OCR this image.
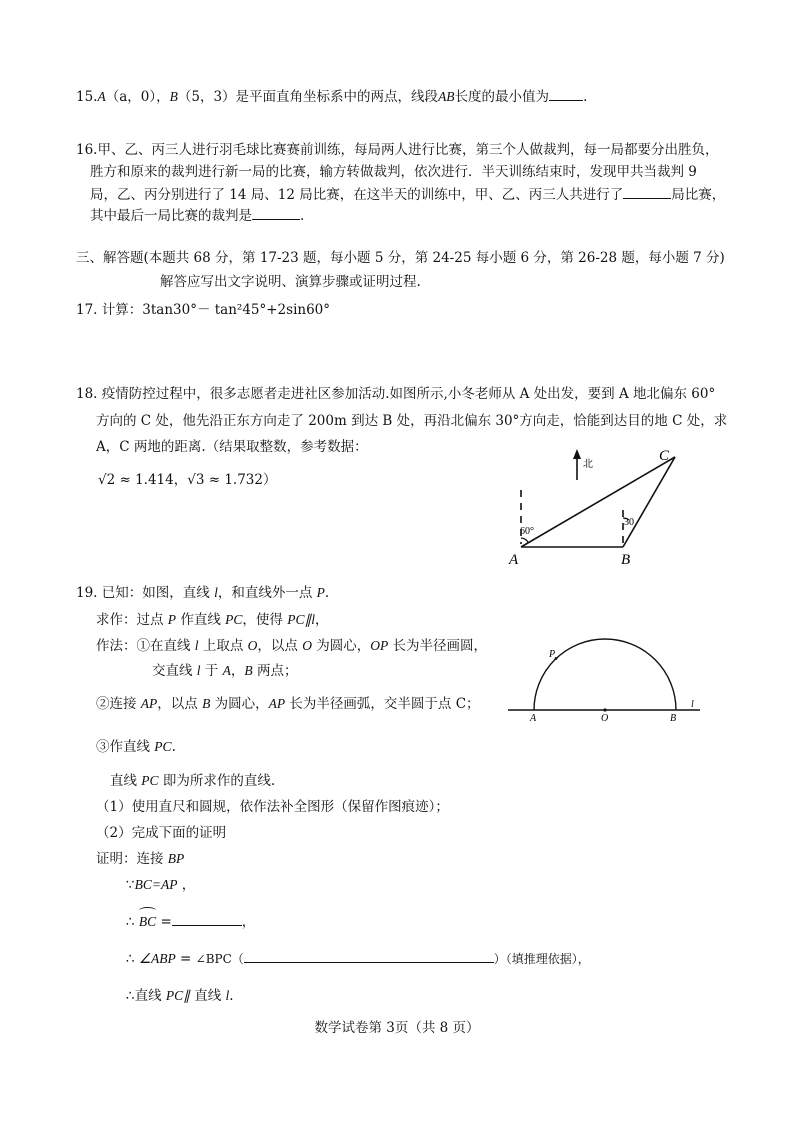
15.A（a，0），B（5，3）是平面直角坐标系中的两点，线段AB长度的最小值为	.
16.甲、乙、丙三人进行羽毛球比赛赛前训练，每局两人进行比赛，第三个人做裁判，每一局都要分出胜负，
胜方和原来的裁判进行新一局的比赛，输方转做裁判，依次进行．半天训练结束时，发现甲共当裁判 9
局，乙、丙分别进行了 14 局、12 局比赛，在这半天的训练中，甲、乙、丙三人共进行了	局比赛，
其中最后一局比赛的裁判是	.
三、解答题(本题共 68 分，第 17-23 题，每小题 5 分，第 24-25 每小题 6 分，第 26-28 题，每小题 7 分)
解答应写出文字说明、演算步骤或证明过程.
17. 计算：3tan30°－ tan²45°+2sin60°
18. 疫情防控过程中，很多志愿者走进社区参加活动.如图所示,小冬老师从 A 处出发，要到 A 地北偏东 60°
方向的 C 处，他先沿正东方向走了 200m 到达 B 处，再沿北偏东 30°方向走，恰能到达目的地 C 处，求
A，C 两地的距离.（结果取整数，参考数据：
√2 ≈ 1.414，√3 ≈ 1.732）
北
60°
30
A	B
C
19. 已知：如图，直线 l，和直线外一点 P.
求作：过点 P 作直线 PC，使得 PC∥l，
作法：①在直线 l 上取点 O，以点 O 为圆心，OP 长为半径画圆，
交直线 l 于 A，B 两点；
②连接 AP，以点 B 为圆心，AP 长为半径画弧，交半圆于点 C；
③作直线 PC.
P
A	O	B
l
直线 PC 即为所求作的直线.
（1）使用直尺和圆规，依作法补全图形（保留作图痕迹）；
（2）完成下面的证明
证明：连接 BP
∵BC=AP ，
∴
BC =	，
∴ ∠ABP = ∠BPC（	）（填推理依据），
∴直线 PC∥ 直线 l.
数学试卷第 3页（共 8 页）
